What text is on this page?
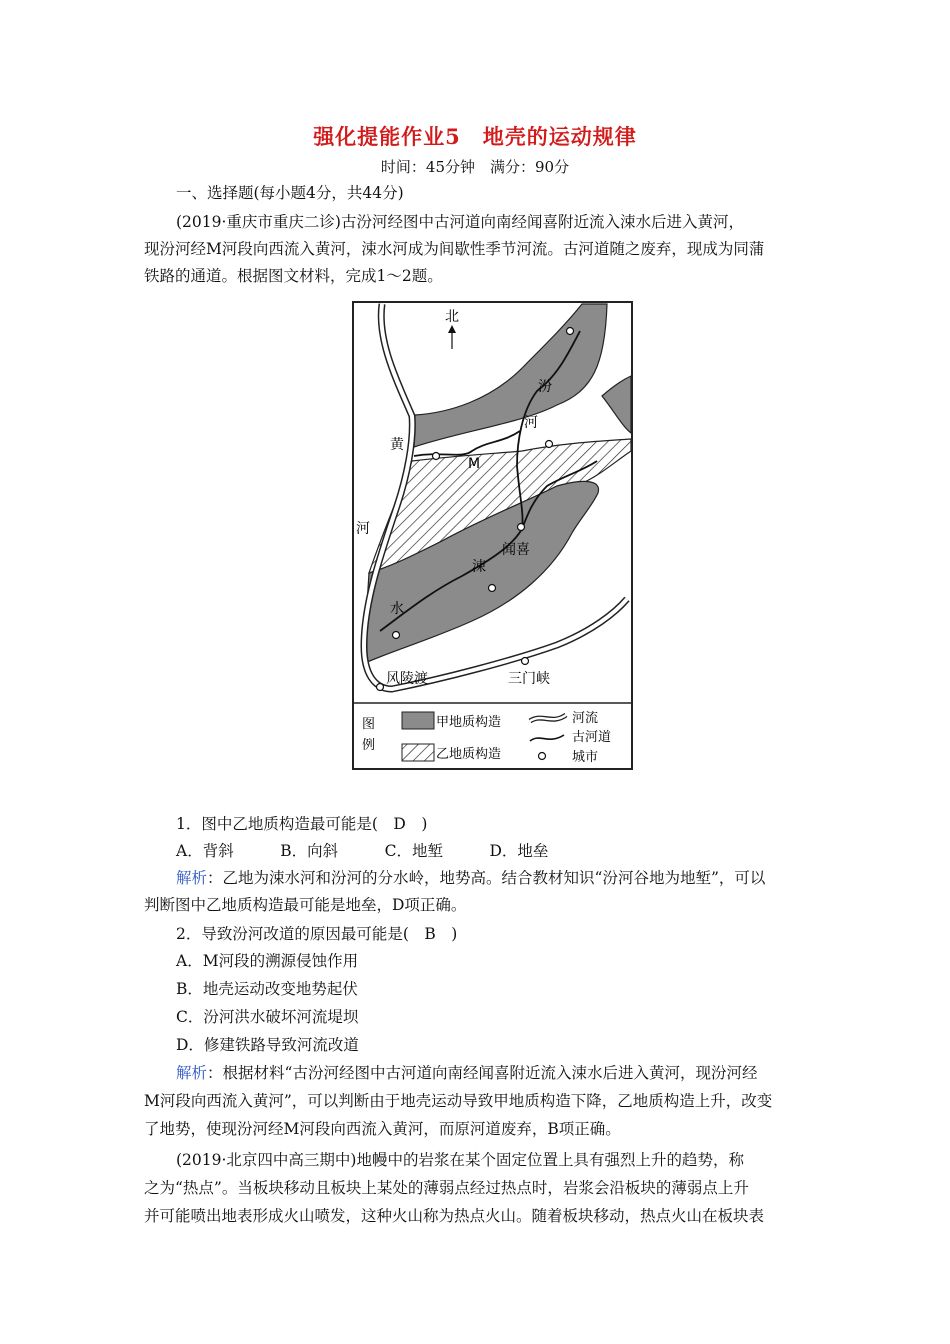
强化提能作业5　地壳的运动规律
时间：45分钟　满分：90分
一、选择题(每小题4分，共44分)
(2019·重庆市重庆二诊)古汾河经图中古河道向南经闻喜附近流入涑水后进入黄河，
现汾河经M河段向西流入黄河，涑水河成为间歇性季节河流。古河道随之废弃，现成为同蒲
铁路的通道。根据图文材料，完成1～2题。
北
汾
河
黄
河
M
闻喜
涑
水
风陵渡	三门峡
图
例
甲地质构造
乙地质构造
河流
古河道
城市
1．图中乙地质构造最可能是(　D　)
A．背斜　　　B．向斜　　　C．地堑　　　D．地垒
解析：乙地为涑水河和汾河的分水岭，地势高。结合教材知识“汾河谷地为地堑”，可以
判断图中乙地质构造最可能是地垒，D项正确。
2．导致汾河改道的原因最可能是(　B　)
A．M河段的溯源侵蚀作用
B．地壳运动改变地势起伏
C．汾河洪水破坏河流堤坝
D．修建铁路导致河流改道
解析：根据材料“古汾河经图中古河道向南经闻喜附近流入涑水后进入黄河，现汾河经
M河段向西流入黄河”，可以判断由于地壳运动导致甲地质构造下降，乙地质构造上升，改变
了地势，使现汾河经M河段向西流入黄河，而原河道废弃，B项正确。
(2019·北京四中高三期中)地幔中的岩浆在某个固定位置上具有强烈上升的趋势，称
之为“热点”。当板块移动且板块上某处的薄弱点经过热点时，岩浆会沿板块的薄弱点上升
并可能喷出地表形成火山喷发，这种火山称为热点火山。随着板块移动，热点火山在板块表
